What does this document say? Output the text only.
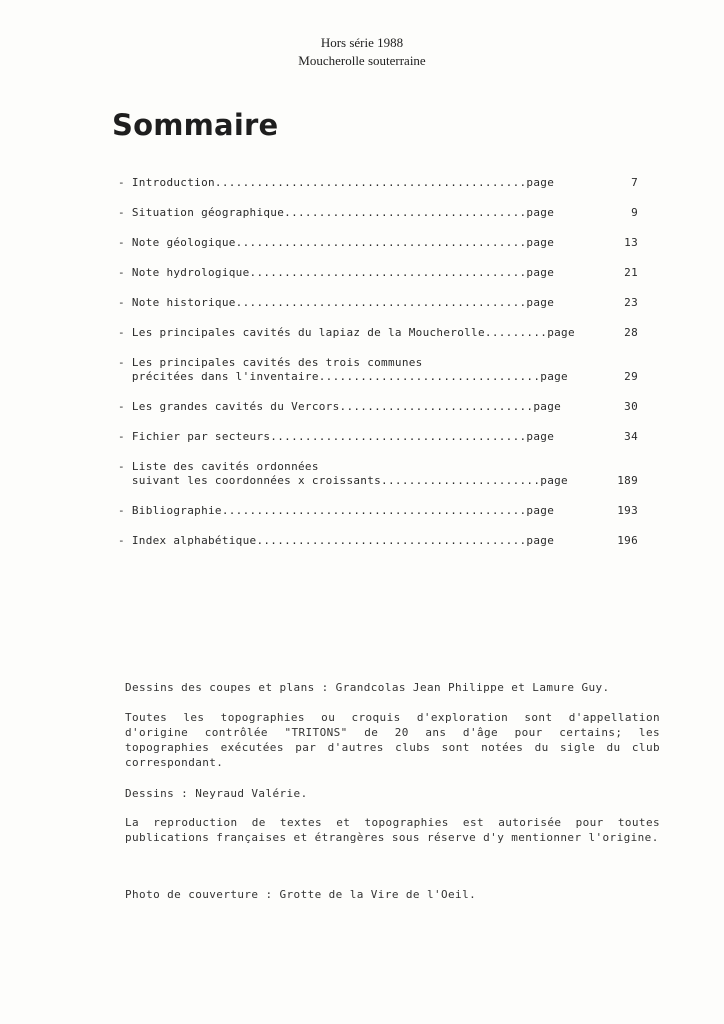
Hors série 1988
Moucherolle souterraine
Sommaire
- Introduction.............................................page	7
- Situation géographique...................................page	9
- Note géologique..........................................page	13
- Note hydrologique........................................page	21
- Note historique..........................................page	23
- Les principales cavités du lapiaz de la Moucherolle.........page	28
- Les principales cavités des trois communes
précitées dans l'inventaire................................page	29
- Les grandes cavités du Vercors............................page	30
- Fichier par secteurs.....................................page	34
- Liste des cavités ordonnées
suivant les coordonnées x croissants.......................page	189
- Bibliographie............................................page	193
- Index alphabétique.......................................page	196
Dessins des coupes et plans : Grandcolas Jean Philippe et Lamure Guy.
Toutes les topographies ou croquis d'exploration sont d'appellation d'origine contrôlée "TRITONS" de 20 ans d'âge pour certains; les topographies exécutées par d'autres clubs sont notées du sigle du club correspondant.
Dessins : Neyraud Valérie.
La reproduction de textes et topographies est autorisée pour toutes publications françaises et étrangères sous réserve d'y mentionner l'origine.
Photo de couverture : Grotte de la Vire de l'Oeil.
